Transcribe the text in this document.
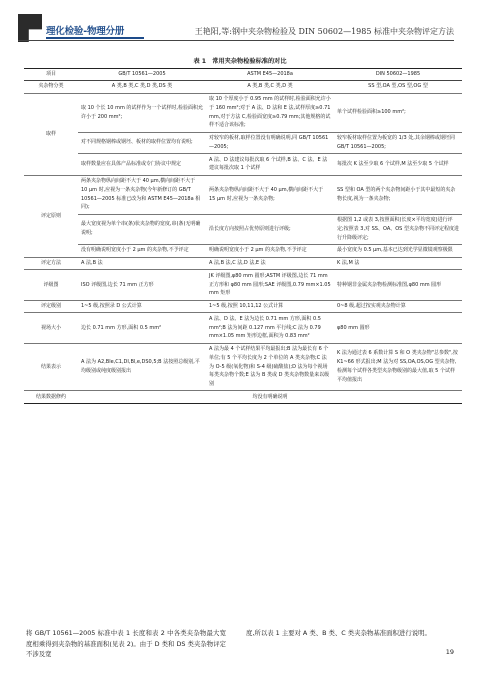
理化检验-物理分册	王艳阳,等:钢中夹杂物检验及 DIN 50602—1985 标准中夹杂物评定方法
表 1　常用夹杂物检验标准的对比
项目	GB/T 10561—2005	ASTM E45—2018a	DIN 50602—1985
夹杂物分类	A 类,B 类,C 类,D 类,DS 类	A 类,B 类,C 类,D 类	SS 型,OA 型,OS 型,OG 型
取样	取 10 个长 10 mm 的试样作为一个试样时,检验面积允许小于 200 mm²;	取 10 个厚度小于 0.95 mm 的试样时,检验面积允许小于 160 mm²;对于 A 法、D 法和 E 法,试样厚度≥0.71 mm,对于方法 C,检验面宽度≥0.79 mm;其他规格的试样不适合该标准;	单个试样检验面积≥100 mm²;
	对不同规格钢棒或钢坯、板材的取样位置均有说明;	对较窄的板材,取样位置没有明确说明,同 GB/T 10561—2005;	较窄板材取样位置为板宽的 1/3 处,其余钢棒或钢坯同 GB/T 10561—2005;
	取样数量应在具体产品标准或专门协议中规定	A 法、D 法建议每批次取 6 个试样,B 法、C 法、E 法建议每批次取 1 个试样	每批次 K 法至少取 6 个试样,M 法至少取 5 个试样
评定原则	两条夹杂物纵向间距不大于 40 μm,横向间距不大于 10 μm 时,应视为一条夹杂物(今年新修订的 GB/T 10561—2005 标准已改为和 ASTM E45—2018a 相同);	两条夹杂物纵向间距不大于 40 μm,横向间距不大于 15 μm 时,应视为一条夹杂物;	SS 型和 OA 型的两个夹杂物间距小于其中最短的夹杂物长度,视为一条夹杂物;
	最大宽度视为单个串(条)状夹杂物的宽度,串(条)无明确说明;	沿长度方向按照占优势原则进行评级;	根据图 1,2 或表 3,按照面积(长度×平均宽度)进行评定;按照表 3,对 SS、OA、OS 型夹杂物不同评定程度进行升降级评定;
	没有明确说明宽度小于 2 μm 的夹杂物,不予评定	明确说明宽度小于 2 μm 的夹杂物,不予评定	最小宽度为 0.5 μm,基本已达到光学显微镜观察极限
评定方法	A 法,B 法	A 法,B 法,C 法,D 法,E 法	K 法,M 法
评级图	ISO 评级图,边长 71 mm 正方形	JK 评级图,φ80 mm 圆形;ASTM 评级图,边长 71 mm 正方形和 φ80 mm 圆形;SAE 评级图,0.79 mm×1.05 mm 矩形	特种钢非金属夹杂物检测标准图,φ80 mm 圆形
评定级别	1~5 级,按照录 D 公式计算	1~5 级,按照 10,11,12 公式计算	0~8 级,超过按实观夹杂物计算
视场大小	边长 0.71 mm 方形,面积 0.5 mm²	A 法、D 法、E 法为边长 0.71 mm 方形,面积 0.5 mm²;B 法为间距 0.127 mm 平行线;C 法为 0.79 mm×1.05 mm 矩形边框,面积为 0.83 mm²	φ80 mm 圆形
结果表示	A 法为 A2,Ble,C1,DI,Bl,e,DS0,5;B 法按照总级别,平均级别或纯度级别报出	A 法为最 4 个试样结果平均最报出;B 法为最长有 6 个单位;有 5 个平均长度为 2 个单位的 A 类夹杂物;C 法为 O-5 级(氧化物)和 S-4 级(硫酸盐);D 法为每个视场每类夹杂物个数;E 法为 B 类或 D 类夹杂物数量来以级别	K 法为通过表 6 系数计算 S 和 O 类夹杂物"总参数",按 K1~66 形式报出;M 法为对 SS,OA,OS,OG 型夹杂物,检测每个试样各类型夹杂物级别的最大值,取 5 个试样平均值报出
结果数据修约	均没有明确说明		
将 GB/T 10561—2005 标准中表 1 长度和表 2 中各类夹杂物最大宽度相乘得到夹杂物的基准面积(见表 2)。由于 D 类和 DS 类夹杂物评定不涉及宽
度,所以表 1 主要对 A 类、B 类、C 类夹杂物基准面积进行说明。
19
